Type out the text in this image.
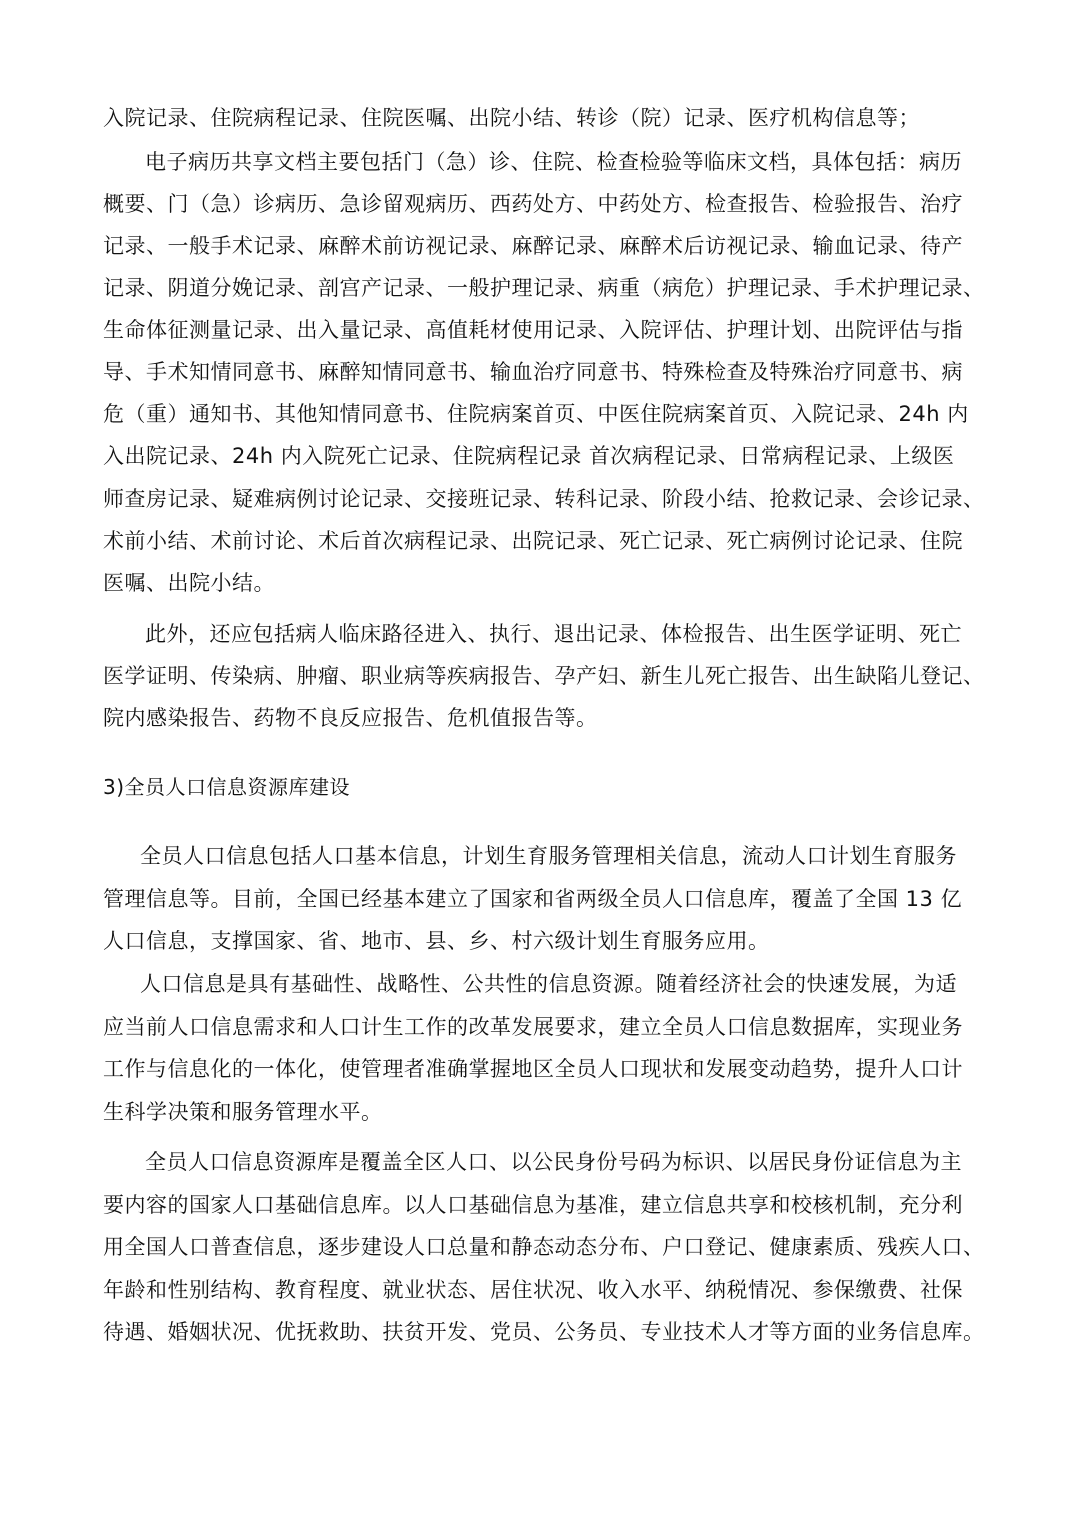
入院记录、住院病程记录、住院医嘱、出院小结、转诊（院）记录、医疗机构信息等；
电子病历共享文档主要包括门（急）诊、住院、检查检验等临床文档，具体包括：病历
概要、门（急）诊病历、急诊留观病历、西药处方、中药处方、检查报告、检验报告、治疗
记录、一般手术记录、麻醉术前访视记录、麻醉记录、麻醉术后访视记录、输血记录、待产
记录、阴道分娩记录、剖宫产记录、一般护理记录、病重（病危）护理记录、手术护理记录、
生命体征测量记录、出入量记录、高值耗材使用记录、入院评估、护理计划、出院评估与指
导、手术知情同意书、麻醉知情同意书、输血治疗同意书、特殊检查及特殊治疗同意书、病
危（重）通知书、其他知情同意书、住院病案首页、中医住院病案首页、入院记录、24h 内
入出院记录、24h 内入院死亡记录、住院病程记录 首次病程记录、日常病程记录、上级医
师查房记录、疑难病例讨论记录、交接班记录、转科记录、阶段小结、抢救记录、会诊记录、
术前小结、术前讨论、术后首次病程记录、出院记录、死亡记录、死亡病例讨论记录、住院
医嘱、出院小结。
此外，还应包括病人临床路径进入、执行、退出记录、体检报告、出生医学证明、死亡
医学证明、传染病、肿瘤、职业病等疾病报告、孕产妇、新生儿死亡报告、出生缺陷儿登记、
院内感染报告、药物不良反应报告、危机值报告等。
3)全员人口信息资源库建设
全员人口信息包括人口基本信息，计划生育服务管理相关信息，流动人口计划生育服务
管理信息等。目前，全国已经基本建立了国家和省两级全员人口信息库，覆盖了全国 13 亿
人口信息，支撑国家、省、地市、县、乡、村六级计划生育服务应用。
人口信息是具有基础性、战略性、公共性的信息资源。随着经济社会的快速发展，为适
应当前人口信息需求和人口计生工作的改革发展要求，建立全员人口信息数据库，实现业务
工作与信息化的一体化，使管理者准确掌握地区全员人口现状和发展变动趋势，提升人口计
生科学决策和服务管理水平。
全员人口信息资源库是覆盖全区人口、以公民身份号码为标识、以居民身份证信息为主
要内容的国家人口基础信息库。以人口基础信息为基准，建立信息共享和校核机制，充分利
用全国人口普查信息，逐步建设人口总量和静态动态分布、户口登记、健康素质、残疾人口、
年龄和性别结构、教育程度、就业状态、居住状况、收入水平、纳税情况、参保缴费、社保
待遇、婚姻状况、优抚救助、扶贫开发、党员、公务员、专业技术人才等方面的业务信息库。
